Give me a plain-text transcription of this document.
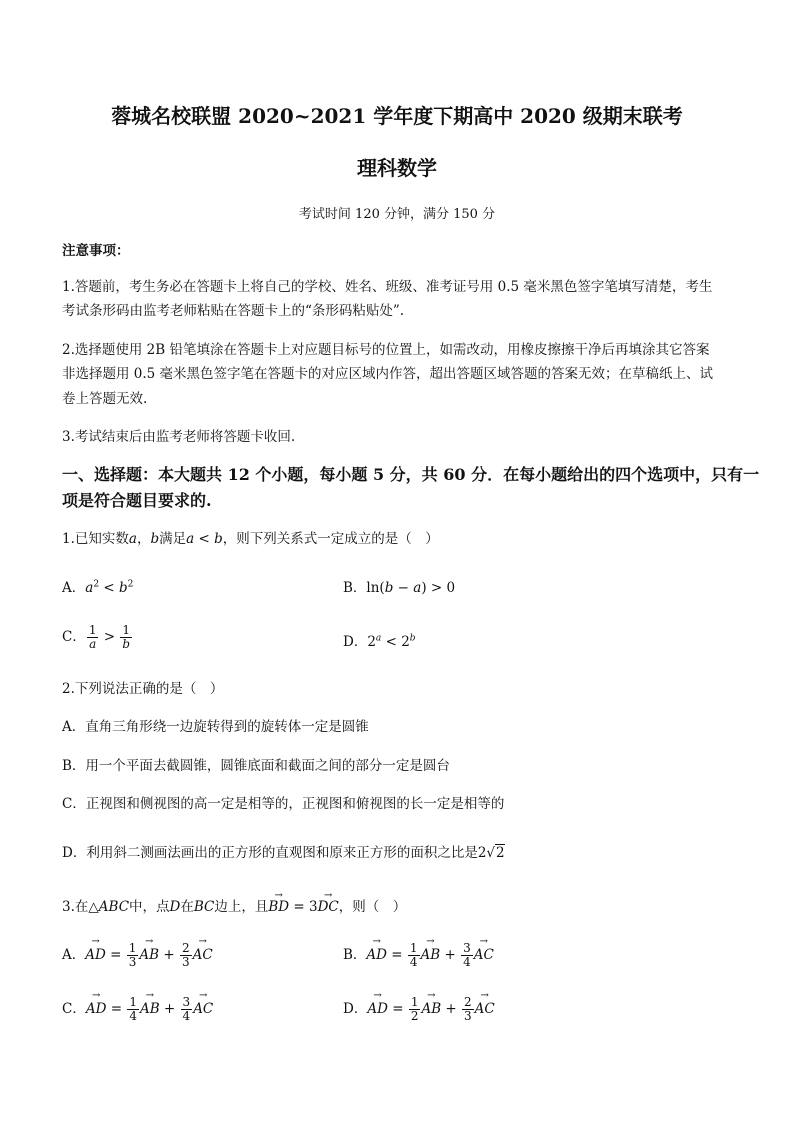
蓉城名校联盟 2020~2021 学年度下期高中 2020 级期末联考
理科数学
考试时间 120 分钟，满分 150 分
注意事项：
1.答题前，考生务必在答题卡上将自己的学校、姓名、班级、准考证号用 0.5 毫米黑色签字笔填写清楚，考生
考试条形码由监考老师粘贴在答题卡上的“条形码粘贴处”.
2.选择题使用 2B 铅笔填涂在答题卡上对应题目标号的位置上，如需改动，用橡皮擦擦干净后再填涂其它答案
非选择题用 0.5 毫米黑色签字笔在答题卡的对应区域内作答，超出答题区域答题的答案无效；在草稿纸上、试
卷上答题无效.
3.考试结束后由监考老师将答题卡收回.
一、选择题：本大题共 12 个小题，每小题 5 分，共 60 分．在每小题给出的四个选项中，只有一
项是符合题目要求的.
1.已知实数a，b满足a < b，则下列关系式一定成立的是（　）
A．$a^2 < b^2$	B．ln(b − a) > 0
C． $\frac{1}{a} > \frac{1}{b}$	D．$2^a < 2^b$
2.下列说法正确的是（　）
A．直角三角形绕一边旋转得到的旋转体一定是圆锥
B．用一个平面去截圆锥，圆锥底面和截面之间的部分一定是圆台
C．正视图和侧视图的高一定是相等的，正视图和俯视图的长一定是相等的
D．利用斜二测画法画出的正方形的直观图和原来正方形的面积之比是2√2
3.在△ABC中，点D在BC边上，且→ BD = 3→ DC，则（　）
A．→ AD = $\frac{1}{3}$ → AB + $\frac{2}{3}$ → AC	B．→ AD = $\frac{1}{4}$ → AB + $\frac{3}{4}$ → AC
C．→ AD = $\frac{1}{4}$ → AB + $\frac{3}{4}$ → AC	D．→ AD = $\frac{1}{2}$ → AB + $\frac{2}{3}$ → AC
